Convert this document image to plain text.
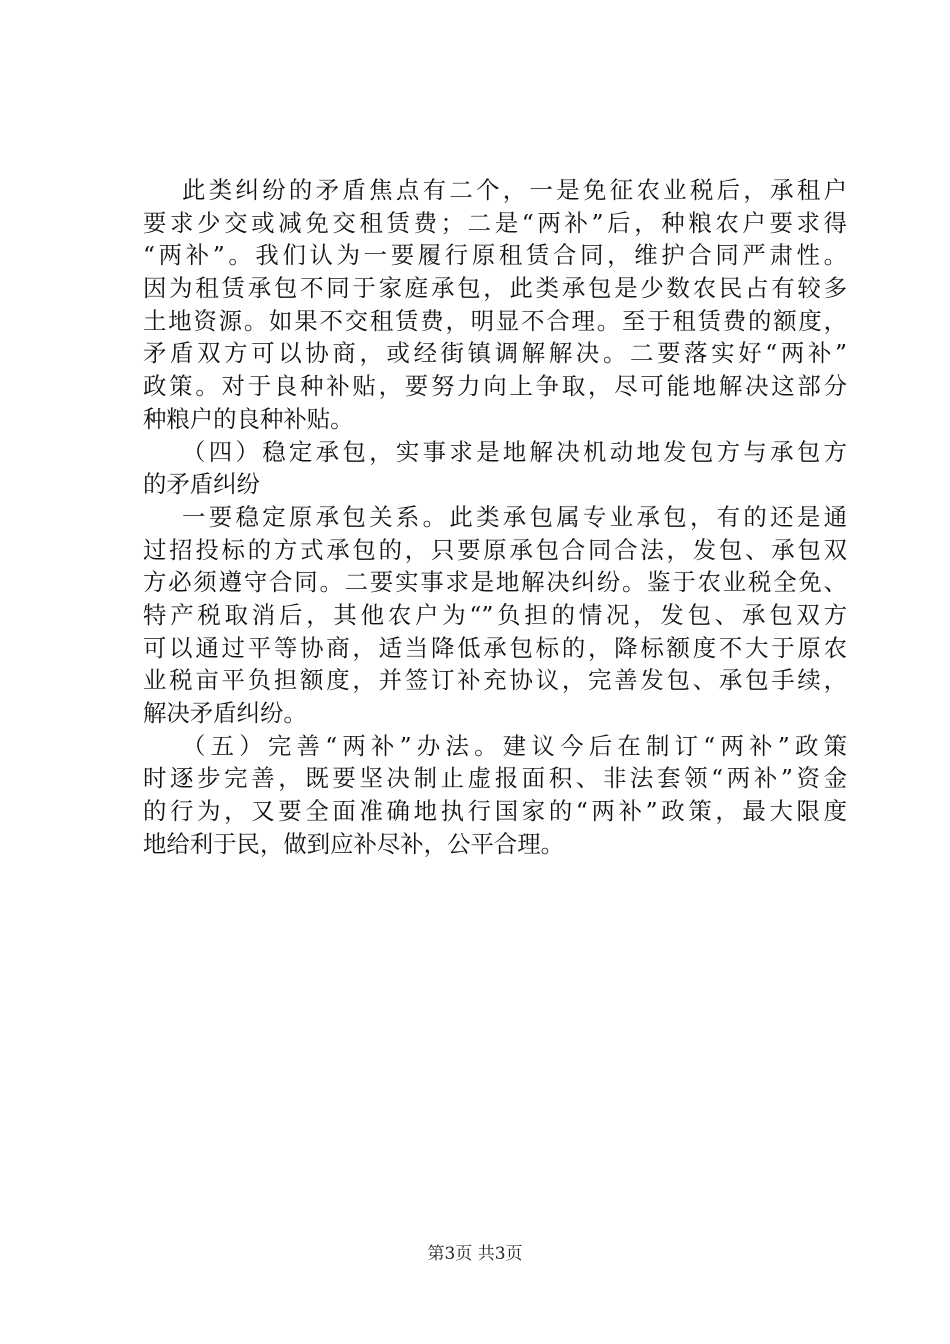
此类纠纷的矛盾焦点有二个，一是免征农业税后，承租户
要求少交或减免交租赁费；二是“两补”后，种粮农户要求得
“两补”。我们认为一要履行原租赁合同，维护合同严肃性。
因为租赁承包不同于家庭承包，此类承包是少数农民占有较多
土地资源。如果不交租赁费，明显不合理。至于租赁费的额度，
矛盾双方可以协商，或经街镇调解解决。二要落实好“两补”
政策。对于良种补贴，要努力向上争取，尽可能地解决这部分
种粮户的良种补贴。
（四）稳定承包，实事求是地解决机动地发包方与承包方
的矛盾纠纷
一要稳定原承包关系。此类承包属专业承包，有的还是通
过招投标的方式承包的，只要原承包合同合法，发包、承包双
方必须遵守合同。二要实事求是地解决纠纷。鉴于农业税全免、
特产税取消后，其他农户为“”负担的情况，发包、承包双方
可以通过平等协商，适当降低承包标的，降标额度不大于原农
业税亩平负担额度，并签订补充协议，完善发包、承包手续，
解决矛盾纠纷。
（五）完善“两补”办法。建议今后在制订“两补”政策
时逐步完善，既要坚决制止虚报面积、非法套领“两补”资金
的行为，又要全面准确地执行国家的“两补”政策，最大限度
地给利于民，做到应补尽补，公平合理。
第3页 共3页
